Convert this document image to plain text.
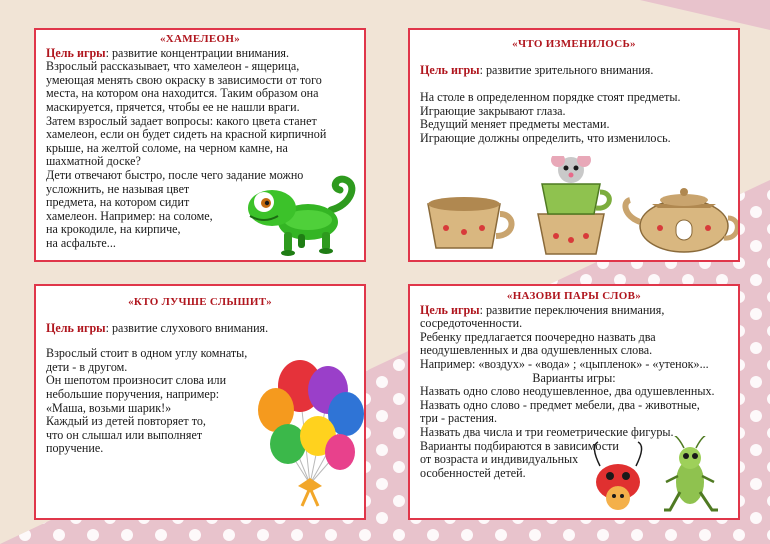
«ХАМЕЛЕОН»
Цель игры: развитие концентрации внимания.
Взрослый рассказывает, что хамелеон - ящерица,
умеющая менять свою окраску в зависимости от того
места, на котором она находится. Таким образом она
маскируется, прячется, чтобы ее не нашли враги.
Затем взрослый задает вопросы: какого цвета станет
хамелеон, если он будет сидеть на красной кирпичной
крыше, на желтой соломе, на черном камне, на
шахматной доске?
Дети отвечают быстро, после чего задание можно
усложнить, не называя цвет
предмета, на котором сидит
хамелеон. Например: на соломе,
на крокодиле, на кирпиче,
на асфальте...
«ЧТО ИЗМЕНИЛОСЬ»
Цель игры: развитие зрительного внимания.
На столе в определенном порядке стоят предметы.
Играющие закрывают глаза.
Ведущий меняет предметы местами.
Играющие должны определить, что изменилось.
«КТО ЛУЧШЕ СЛЫШИТ»
Цель игры: развитие слухового внимания.
Взрослый стоит в одном углу комнаты,
дети - в другом.
Он шепотом произносит слова или
небольшие поручения, например:
«Маша, возьми шарик!»
Каждый из детей повторяет то,
что он слышал или выполняет
поручение.
«НАЗОВИ ПАРЫ СЛОВ»
Цель игры: развитие переключения внимания,
сосредоточенности.
Ребенку предлагается поочередно назвать два
неодушевленных и два одушевленных слова.
Например: «воздух» - «вода» ; «цыпленок» - «утенок»...
Варианты игры:
Назвать одно слово неодушевленное, два одушевленных.
Назвать одно слово - предмет мебели, два - животные,
три - растения.
Назвать два числа и три геометрические фигуры.
Варианты подбираются в зависимости
от возраста и индивидуальных
особенностей детей.
